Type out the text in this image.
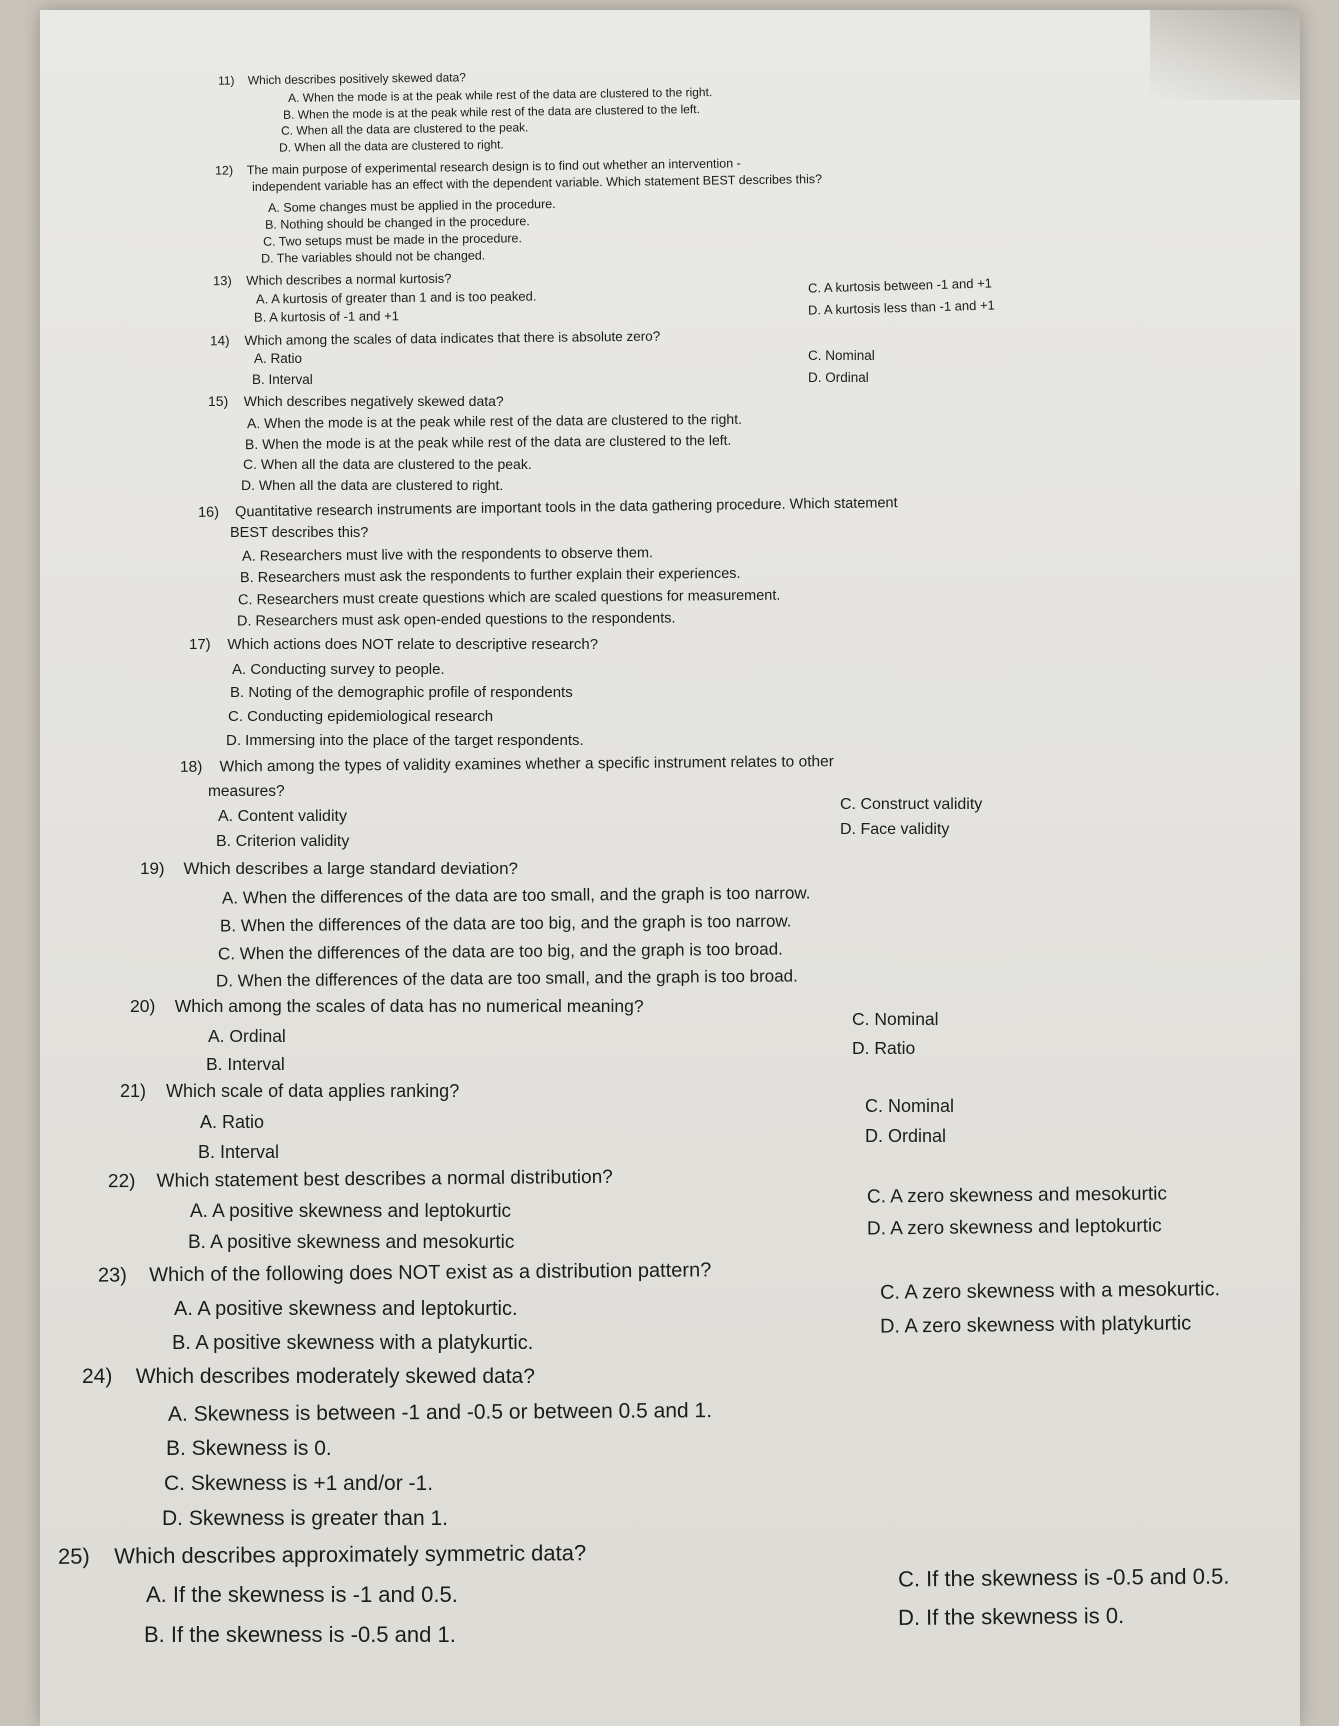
11) Which describes positively skewed data?
A. When the mode is at the peak while rest of the data are clustered to the right.
B. When the mode is at the peak while rest of the data are clustered to the left.
C. When all the data are clustered to the peak.
D. When all the data are clustered to right.
12) The main purpose of experimental research design is to find out whether an intervention -
independent variable has an effect with the dependent variable. Which statement BEST describes this?
A. Some changes must be applied in the procedure.
B. Nothing should be changed in the procedure.
C. Two setups must be made in the procedure.
D. The variables should not be changed.
13) Which describes a normal kurtosis?
A. A kurtosis of greater than 1 and is too peaked.
B. A kurtosis of -1 and +1
C. A kurtosis between -1 and +1
D. A kurtosis less than -1 and +1
14) Which among the scales of data indicates that there is absolute zero?
A. Ratio
B. Interval
C. Nominal
D. Ordinal
15) Which describes negatively skewed data?
A. When the mode is at the peak while rest of the data are clustered to the right.
B. When the mode is at the peak while rest of the data are clustered to the left.
C. When all the data are clustered to the peak.
D. When all the data are clustered to right.
16) Quantitative research instruments are important tools in the data gathering procedure. Which statement
BEST describes this?
A. Researchers must live with the respondents to observe them.
B. Researchers must ask the respondents to further explain their experiences.
C. Researchers must create questions which are scaled questions for measurement.
D. Researchers must ask open-ended questions to the respondents.
17) Which actions does NOT relate to descriptive research?
A. Conducting survey to people.
B. Noting of the demographic profile of respondents
C. Conducting epidemiological research
D. Immersing into the place of the target respondents.
18) Which among the types of validity examines whether a specific instrument relates to other
measures?
A. Content validity
B. Criterion validity
C. Construct validity
D. Face validity
19) Which describes a large standard deviation?
A. When the differences of the data are too small, and the graph is too narrow.
B. When the differences of the data are too big, and the graph is too narrow.
C. When the differences of the data are too big, and the graph is too broad.
D. When the differences of the data are too small, and the graph is too broad.
20) Which among the scales of data has no numerical meaning?
A. Ordinal
B. Interval
C. Nominal
D. Ratio
21) Which scale of data applies ranking?
A. Ratio
B. Interval
C. Nominal
D. Ordinal
22) Which statement best describes a normal distribution?
A. A positive skewness and leptokurtic
B. A positive skewness and mesokurtic
C. A zero skewness and mesokurtic
D. A zero skewness and leptokurtic
23) Which of the following does NOT exist as a distribution pattern?
A. A positive skewness and leptokurtic.
B. A positive skewness with a platykurtic.
C. A zero skewness with a mesokurtic.
D. A zero skewness with platykurtic
24) Which describes moderately skewed data?
A. Skewness is between -1 and -0.5 or between 0.5 and 1.
B. Skewness is 0.
C. Skewness is +1 and/or -1.
D. Skewness is greater than 1.
25) Which describes approximately symmetric data?
A. If the skewness is -1 and 0.5.
B. If the skewness is -0.5 and 1.
C. If the skewness is -0.5 and 0.5.
D. If the skewness is 0.
